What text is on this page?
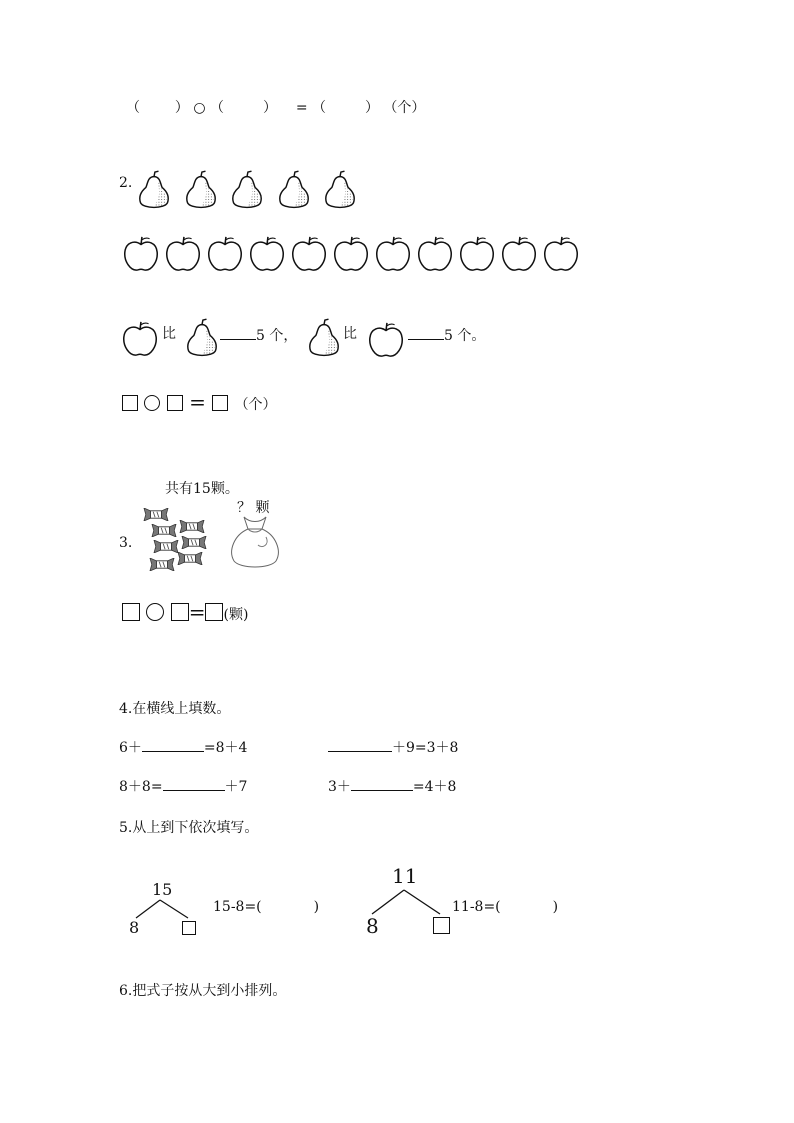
（ ） ○ （	） = （	） （个）
2.
比	5 个，	比	5 个。
= （个）
共有15颗。
？ 颗
3.
= (颗)
4.在横线上填数。
6＋	=8＋4	＋9=3＋8
8＋8=	＋7	3＋	=4＋8
5.从上到下依次填写。
15
8
15-8=(	)
11
8
11-8=(	)
6.把式子按从大到小排列。
